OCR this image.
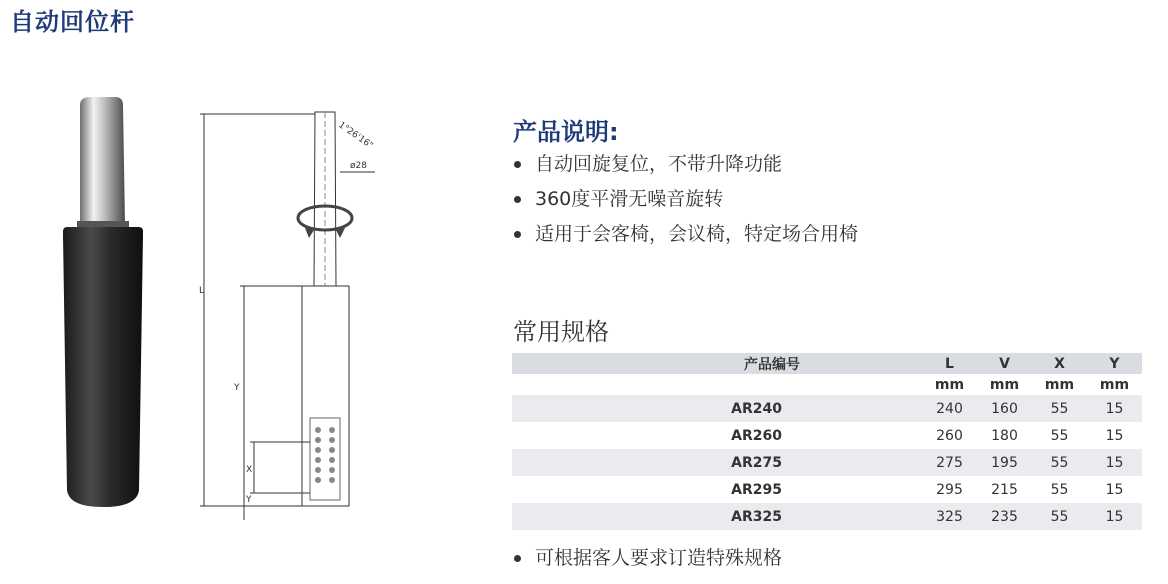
自动回位杆
1°26'16"
ø28
L
Y
X
Y
产品说明:
自动回旋复位，不带升降功能
360度平滑无噪音旋转
适用于会客椅，会议椅，特定场合用椅
常用规格
产品编号	L	V	X	Y
	mm	mm	mm	mm
AR240	240	160	55	15
AR260	260	180	55	15
AR275	275	195	55	15
AR295	295	215	55	15
AR325	325	235	55	15
可根据客人要求订造特殊规格
